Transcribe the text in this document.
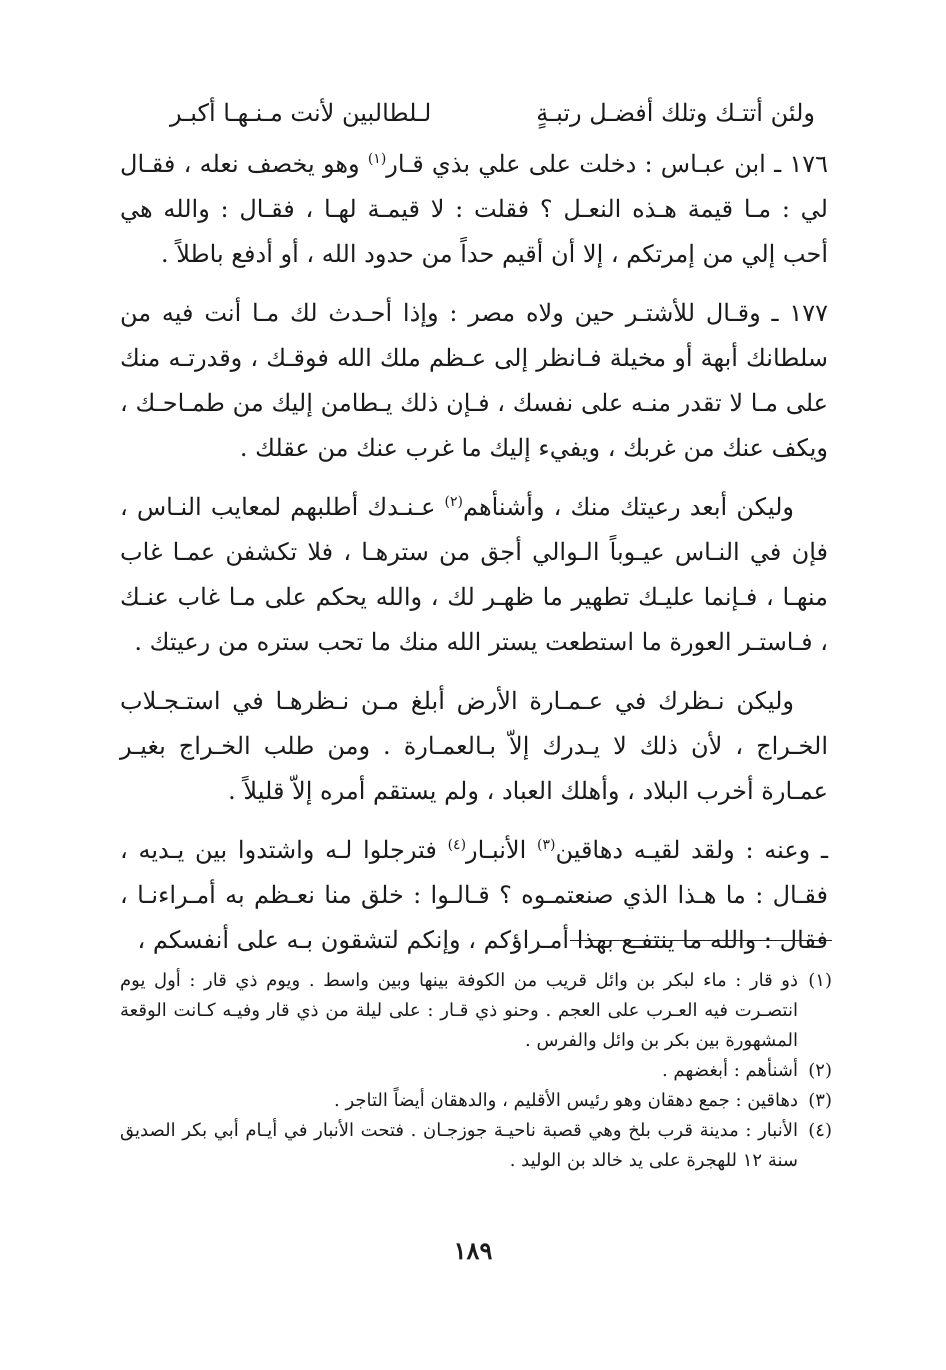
ولئن أتتـك وتلك أفضـل رتبـةٍ
لـلطالبين لأنت مـنـهـا أكبـر

١٧٦ ـ ابن عبـاس : دخلت على علي بذي قـار$^{(١)}$ وهو يخصف نعله ، فقـال لي : مـا قيمة هـذه النعـل ؟ فقلت : لا قيمـة لهـا ، فقـال : والله هي أحب إلي من إمرتكم ، إلا أن أقيم حداً من حدود الله ، أو أدفع باطلاً .

١٧٧ ـ وقـال للأشتـر حين ولاه مصر : وإذا أحـدث لك مـا أنت فيه من سلطانك أبهة أو مخيلة فـانظر إلى عـظم ملك الله فوقـك ، وقدرتـه منك على مـا لا تقدر منـه على نفسك ، فـإن ذلك يـطامن إليك من طمـاحـك ، ويكف عنك من غربك ، ويفيء إليك ما غرب عنك من عقلك .

وليكن أبعد رعيتك منك ، وأشنأهم$^{(٢)}$ عـنـدك أطلبهم لمعايب النـاس ، فإن في النـاس عيـوباً الـوالي أجق من سترهـا ، فلا تكشفن عمـا غاب منهـا ، فـإنما عليـك تطهير ما ظهـر لك ، والله يحكم على مـا غاب عنـك ، فـاستـر العورة ما استطعت يستر الله منك ما تحب ستره من رعيتك .

وليكن نـظرك في عـمـارة الأرض أبلغ مـن نـظرهـا في استـجـلاب الخـراج ، لأن ذلك لا يـدرك إلاّ بـالعمـارة . ومن طلب الخـراج بغيـر عمـارة أخرب البلاد ، وأهلك العباد ، ولم يستقم أمره إلاّ قليلاً .

ـ وعنه : ولقد لقيـه دهاقين$^{(٣)}$ الأنبـار$^{(٤)}$ فترجلوا لـه واشتدوا بين يـديه ، فقـال : ما هـذا الذي صنعتمـوه ؟ قـالـوا : خلق منا نعـظم به أمـراءنـا ، فقال : والله ما ينتفـع بهذا أمـراؤكم ، وإنكم لتشقون بـه على أنفسكم ،

(١)
ذو قار : ماء لبكر بن وائل قريب من الكوفة بينها وبين واسط . ويوم ذي قار : أول يوم انتصـرت فيه العـرب على العجم . وحنو ذي قـار : على ليلة من ذي قار وفيـه كـانت الوقعة المشهورة بين بكر بن وائل والفرس .
(٢)
أشنأهم : أبغضهم .
(٣)
دهاقين : جمع دهقان وهو رئيس الأقليم ، والدهقان أيضاً التاجر .
(٤)
الأنبار : مدينة قرب بلخ وهي قصبة ناحيـة جوزجـان . فتحت الأنبار في أيـام أبي بكر الصديق سنة ١٢ للهجرة على يد خالد بن الوليد .
١٨٩
